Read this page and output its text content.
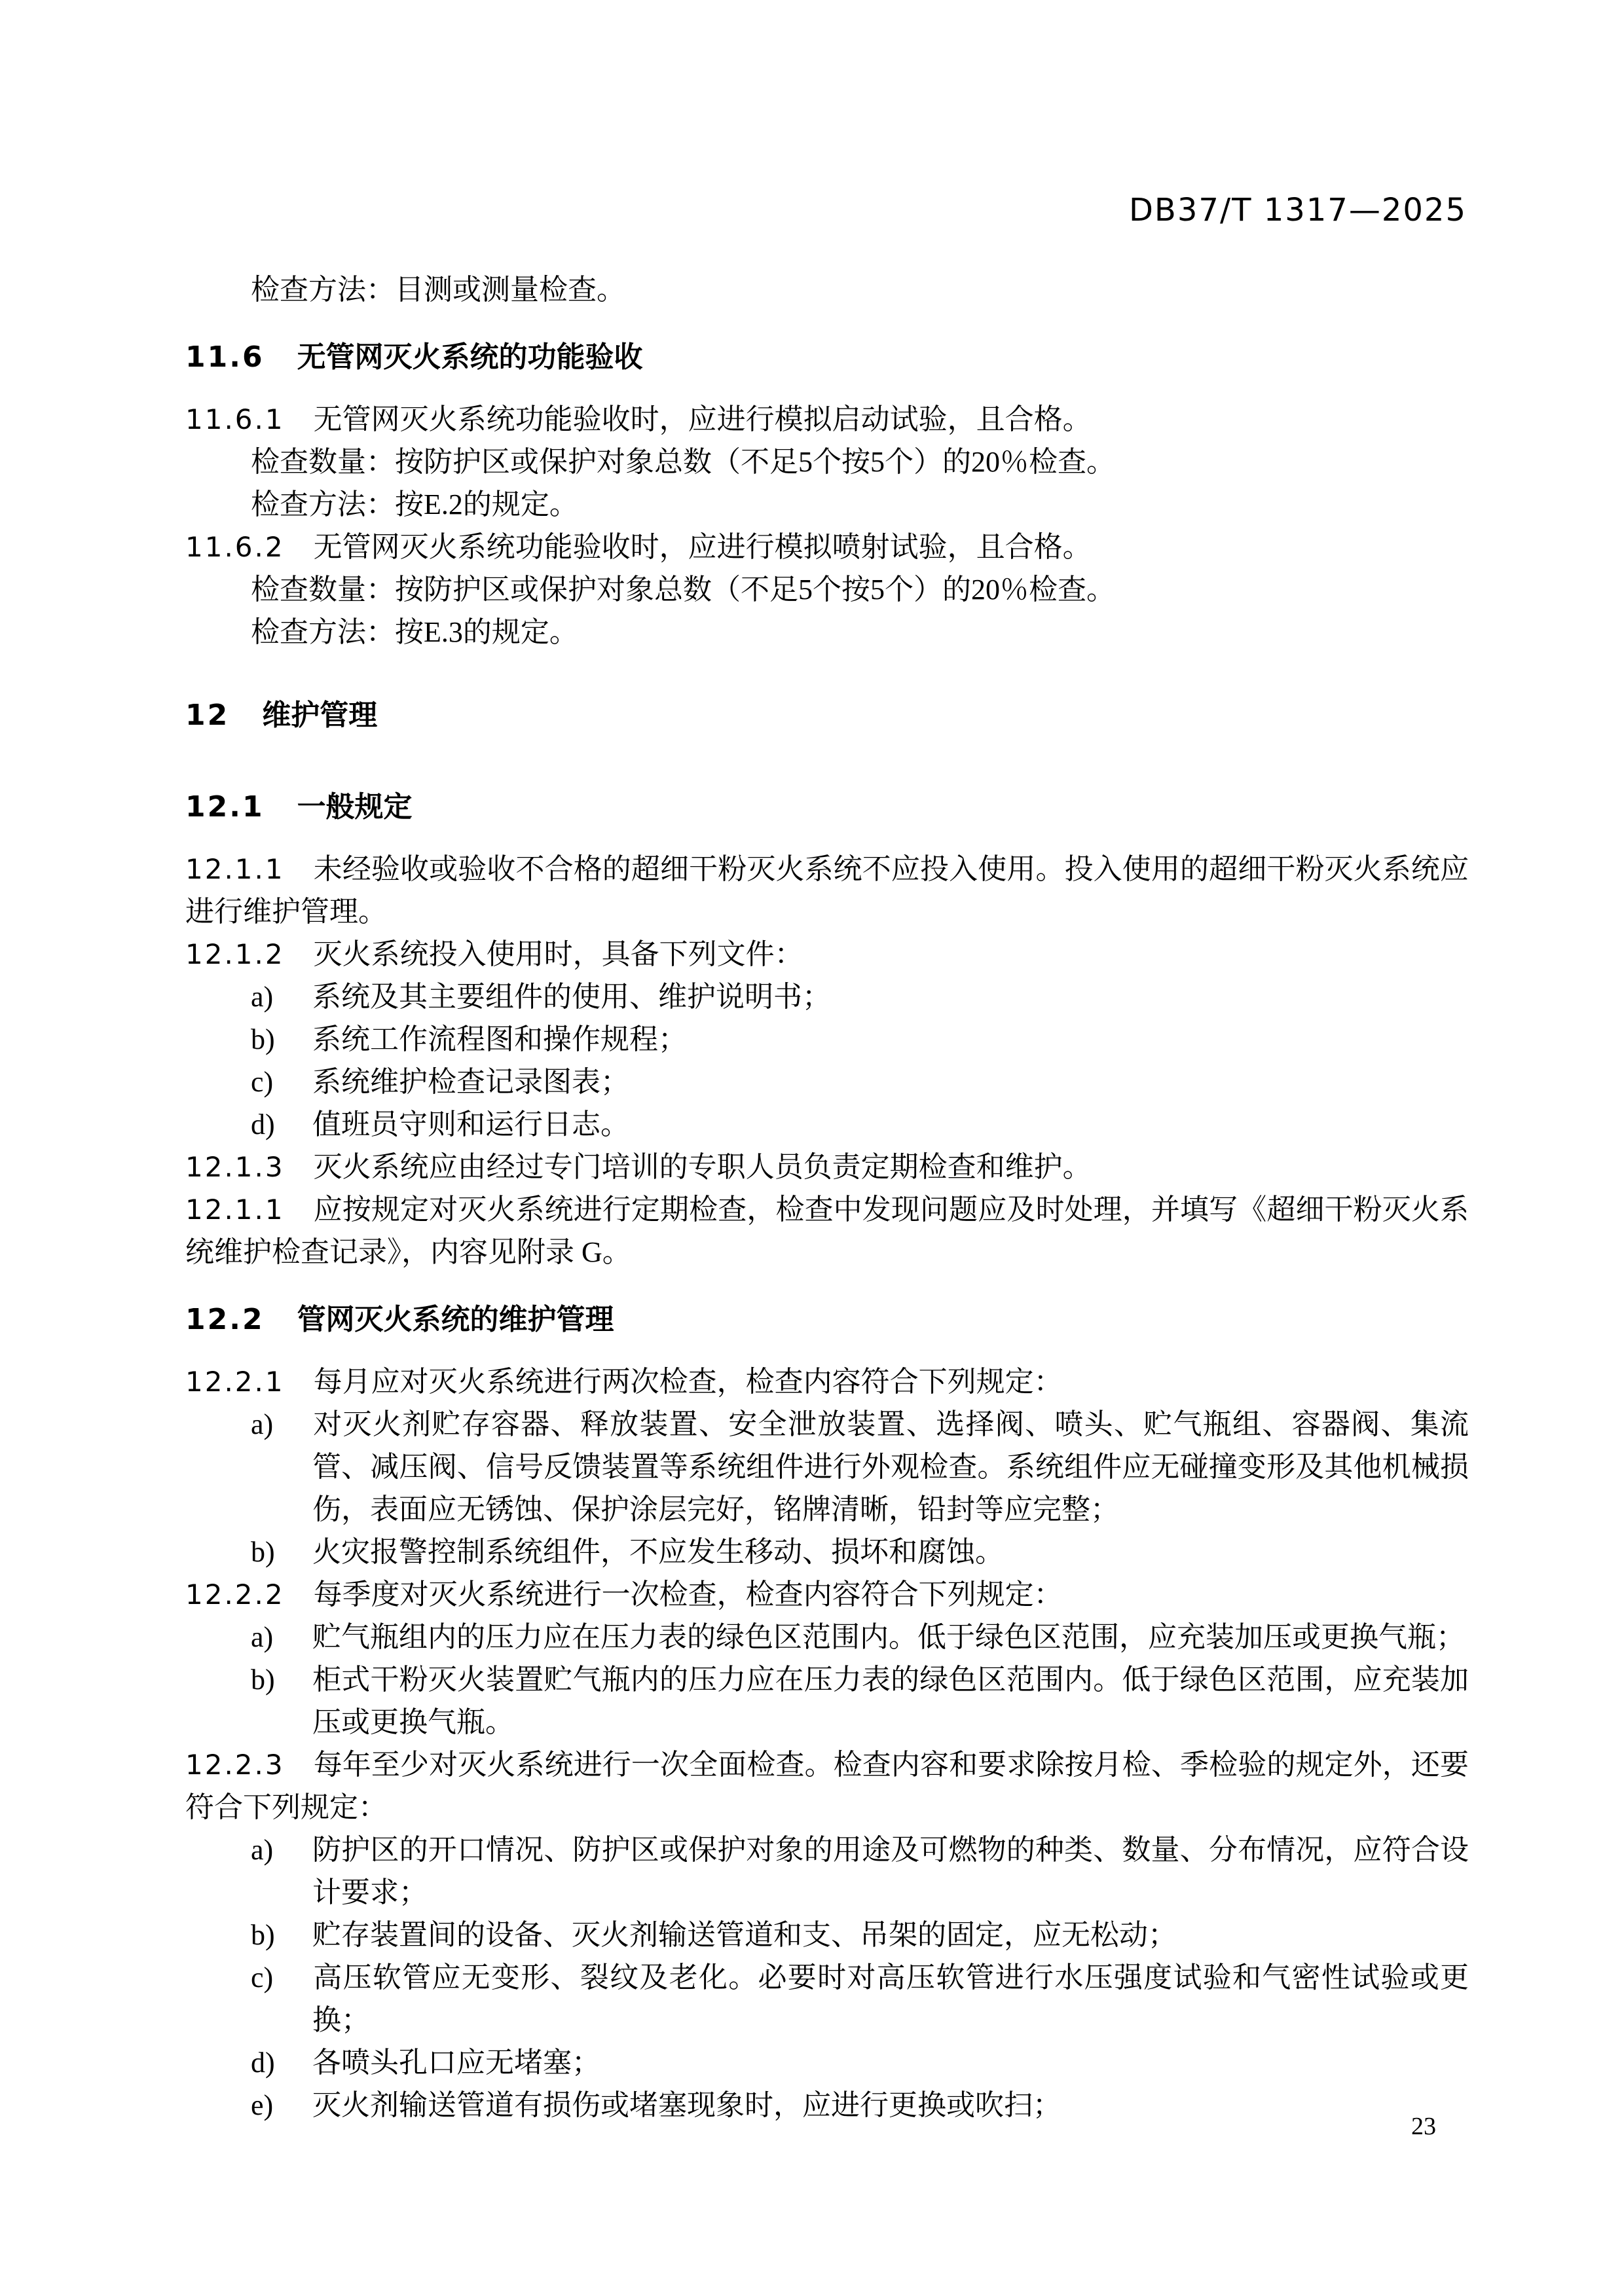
DB37/T 1317—2025

检查方法：目测或测量检查。

11.6 无管网灭火系统的功能验收

11.6.1 无管网灭火系统功能验收时，应进行模拟启动试验，且合格。

检查数量：按防护区或保护对象总数（不足5个按5个）的20％检查。

检查方法：按E.2的规定。

11.6.2 无管网灭火系统功能验收时，应进行模拟喷射试验，且合格。

检查数量：按防护区或保护对象总数（不足5个按5个）的20％检查。

检查方法：按E.3的规定。

12 维护管理

12.1 一般规定

12.1.1 未经验收或验收不合格的超细干粉灭火系统不应投入使用。投入使用的超细干粉灭火系统应进行维护管理。

12.1.2 灭火系统投入使用时，具备下列文件：

a) 系统及其主要组件的使用、维护说明书；

b) 系统工作流程图和操作规程；

c) 系统维护检查记录图表；

d) 值班员守则和运行日志。

12.1.3 灭火系统应由经过专门培训的专职人员负责定期检查和维护。

12.1.1 应按规定对灭火系统进行定期检查，检查中发现问题应及时处理，并填写《超细干粉灭火系统维护检查记录》，内容见附录 G。

12.2 管网灭火系统的维护管理

12.2.1 每月应对灭火系统进行两次检查，检查内容符合下列规定：

a) 对灭火剂贮存容器、释放装置、安全泄放装置、选择阀、喷头、贮气瓶组、容器阀、集流管、减压阀、信号反馈装置等系统组件进行外观检查。系统组件应无碰撞变形及其他机械损伤，表面应无锈蚀、保护涂层完好，铭牌清晰，铅封等应完整；

b) 火灾报警控制系统组件，不应发生移动、损坏和腐蚀。

12.2.2 每季度对灭火系统进行一次检查，检查内容符合下列规定：

a) 贮气瓶组内的压力应在压力表的绿色区范围内。低于绿色区范围，应充装加压或更换气瓶；

b) 柜式干粉灭火装置贮气瓶内的压力应在压力表的绿色区范围内。低于绿色区范围，应充装加压或更换气瓶。

12.2.3 每年至少对灭火系统进行一次全面检查。检查内容和要求除按月检、季检验的规定外，还要符合下列规定：

a) 防护区的开口情况、防护区或保护对象的用途及可燃物的种类、数量、分布情况，应符合设计要求；

b) 贮存装置间的设备、灭火剂输送管道和支、吊架的固定，应无松动；

c) 高压软管应无变形、裂纹及老化。必要时对高压软管进行水压强度试验和气密性试验或更换；

d) 各喷头孔口应无堵塞；

e) 灭火剂输送管道有损伤或堵塞现象时，应进行更换或吹扫；

23
